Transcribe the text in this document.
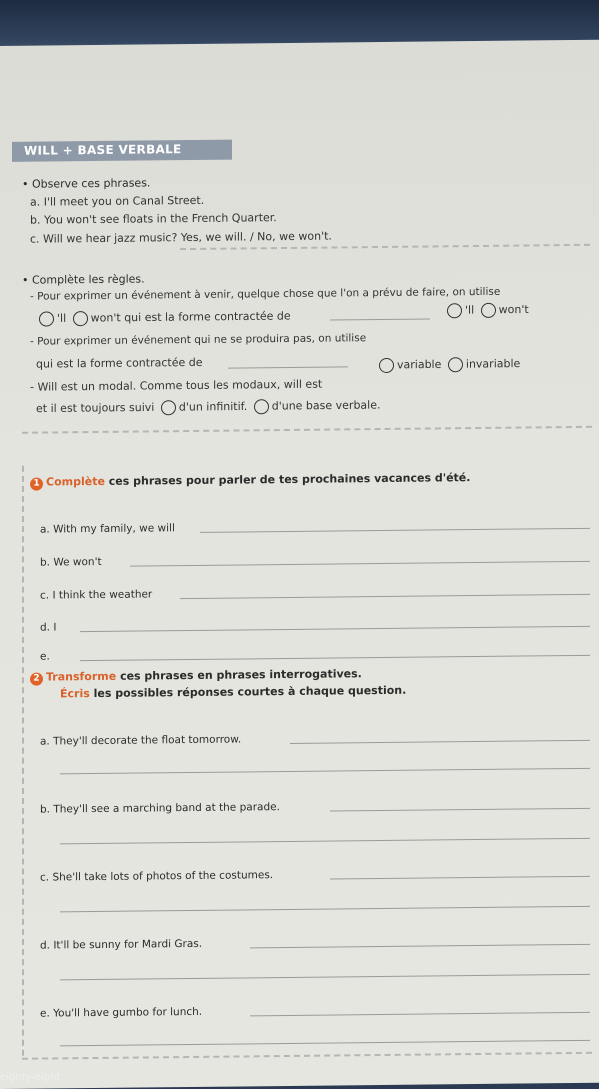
WILL + BASE VERBALE
• Observe ces phrases.
a. I'll meet you on Canal Street.
b. You won't see floats in the French Quarter.
c. Will we hear jazz music? Yes, we will. / No, we won't.
• Complète les règles.
- Pour exprimer un événement à venir, quelque chose que l'on a prévu de faire, on utilise
'll won't qui est la forme contractée de	'll won't
- Pour exprimer un événement qui ne se produira pas, on utilise
qui est la forme contractée de	variable invariable
- Will est un modal. Comme tous les modaux, will est
et il est toujours suivi d'un infinitif. d'une base verbale.
1 Complète ces phrases pour parler de tes prochaines vacances d'été.
a. With my family, we will
b. We won't
c. I think the weather
d. I
e.
2 Transforme ces phrases en phrases interrogatives.
Écris les possibles réponses courtes à chaque question.
a. They'll decorate the float tomorrow.
b. They'll see a marching band at the parade.
c. She'll take lots of photos of the costumes.
d. It'll be sunny for Mardi Gras.
e. You'll have gumbo for lunch.
eighty-eight
